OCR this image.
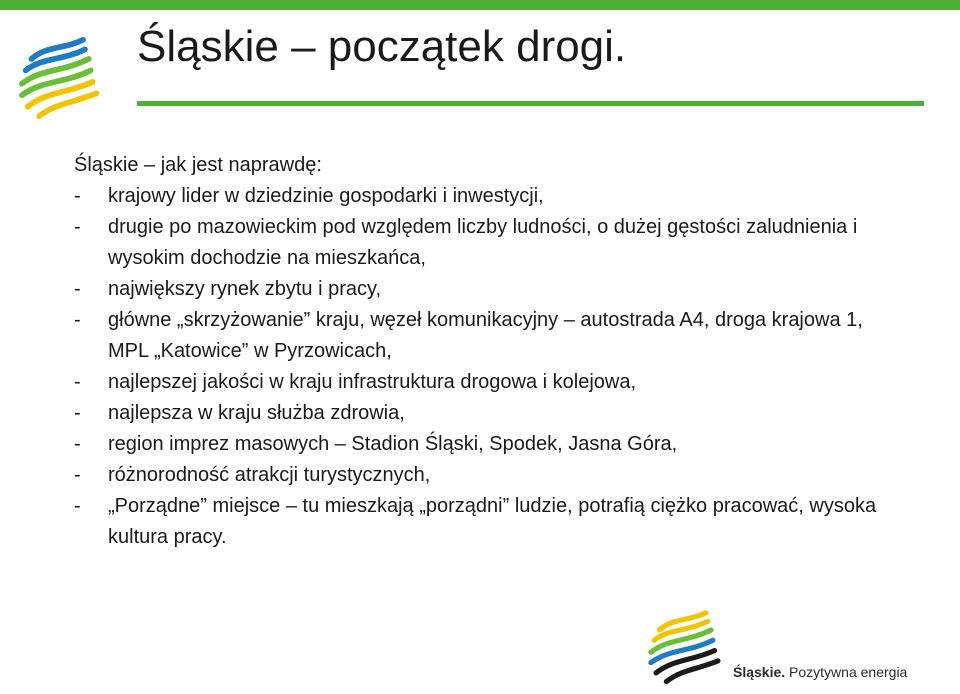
Śląskie – początek drogi.

Śląskie – jak jest naprawdę:

- krajowy lider w dziedzinie gospodarki i inwestycji,
- drugie po mazowieckim pod względem liczby ludności, o dużej gęstości zaludnienia i wysokim dochodzie na mieszkańca,
- największy rynek zbytu i pracy,
- główne „skrzyżowanie” kraju, węzeł komunikacyjny – autostrada A4, droga krajowa 1, MPL „Katowice” w Pyrzowicach,
- najlepszej jakości w kraju infrastruktura drogowa i kolejowa,
- najlepsza w kraju służba zdrowia,
- region imprez masowych – Stadion Śląski, Spodek, Jasna Góra,
- różnorodność atrakcji turystycznych,
- „Porządne” miejsce – tu mieszkają „porządni” ludzie, potrafią ciężko pracować, wysoka kultura pracy.
Śląskie. Pozytywna energia
